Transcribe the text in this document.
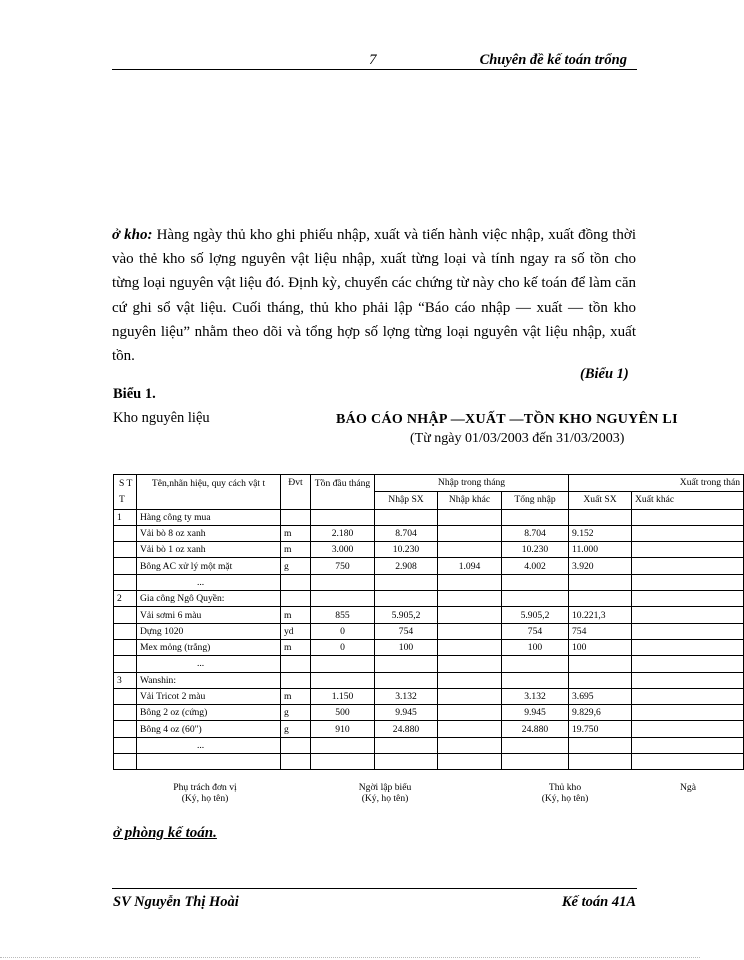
7	Chuyên đề kế toán trổng
ở kho: Hàng ngày thủ kho ghi phiếu nhập, xuất và tiến hành việc nhập, xuất đồng thời vào thẻ kho số lợng nguyên vật liệu nhập, xuất từng loại và tính ngay ra số tồn cho từng loại nguyên vật liệu đó. Định kỳ, chuyển các chứng từ này cho kế toán để làm căn cứ ghi sổ vật liệu. Cuối tháng, thủ kho phải lập “Báo cáo nhập — xuất — tồn kho nguyên liệu” nhằm theo dõi và tổng hợp số lợng từng loại nguyên vật liệu nhập, xuất tồn.
(Biểu 1)
Biểu 1.
Kho nguyên liệu	BÁO CÁO NHẬP —XUẤT —TỒN KHO NGUYÊN LI
(Từ ngày 01/03/2003 đến 31/03/2003)
S T T	Tên,nhãn hiệu, quy cách vật t	Đvt	Tồn đầu tháng	Nhập trong tháng			Xuất trong thán	
				Nhập SX	Nhập khác	Tổng nhập	Xuất SX	Xuất khác

1	Hàng công ty mua							
	Vải bò 8 oz xanh	m	2.180	8.704		8.704	9.152	
	Vải bò 1 oz xanh	m	3.000	10.230		10.230	11.000	
	Bông AC xử lý một mặt	g	750	2.908	1.094	4.002	3.920	
	...							
2	Gia công Ngô Quyền:							
	Vải sơmi 6 màu	m	855	5.905,2		5.905,2	10.221,3	
	Dựng 1020	yd	0	754		754	754	
	Mex mỏng (trắng)	m	0	100		100	100	
	...							
3	Wanshin:							
	Vải Tricot 2 màu	m	1.150	3.132		3.132	3.695	
	Bông 2 oz (cứng)	g	500	9.945		9.945	9.829,6	
	Bông 4 oz (60")	g	910	24.880		24.880	19.750	
	...							

Phụ trách đơn vị
(Ký, họ tên)
Ngời lập biểu
(Ký, họ tên)
Thủ kho
(Ký, họ tên)
Ngà
ở phòng kế toán.
SV Nguyễn Thị Hoài	Kế toán 41A
